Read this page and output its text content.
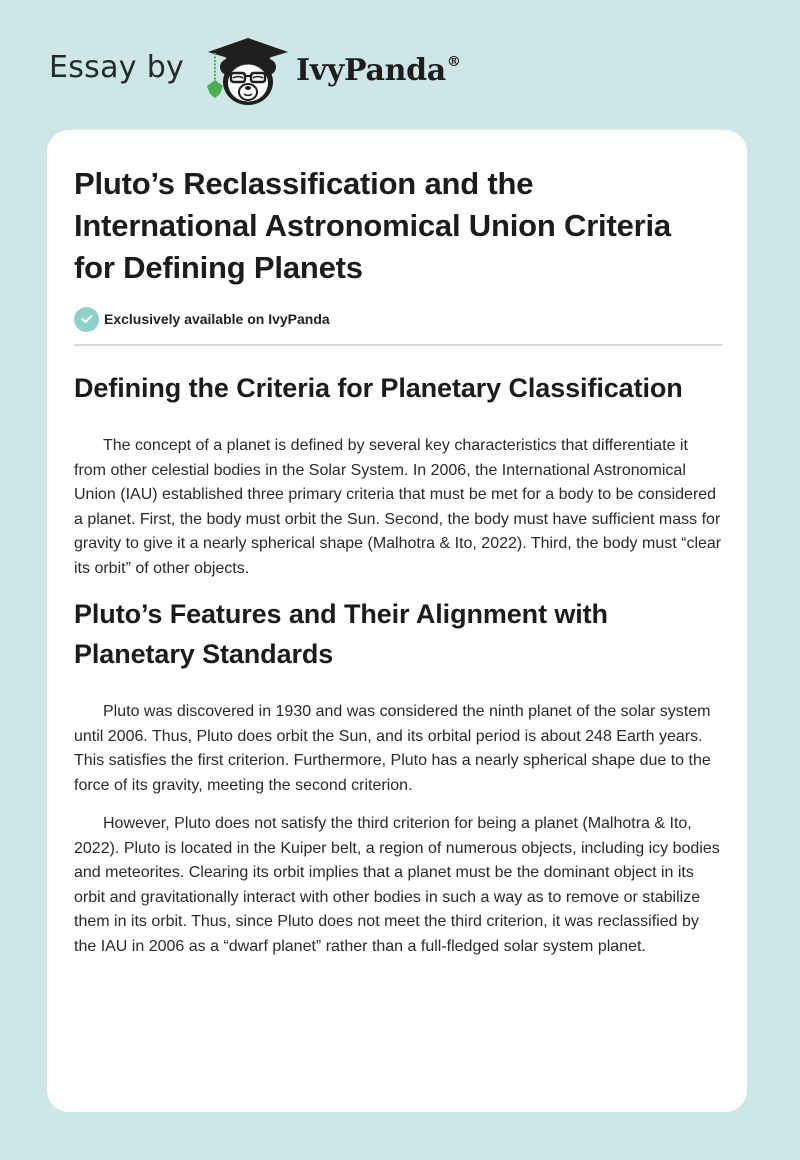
Essay by	IvyPanda®
Pluto’s Reclassification and the International Astronomical Union Criteria for Defining Planets
Exclusively available on IvyPanda
Defining the Criteria for Planetary Classification

The concept of a planet is defined by several key characteristics that differentiate it from other celestial bodies in the Solar System. In 2006, the International Astronomical Union (IAU) established three primary criteria that must be met for a body to be considered a planet. First, the body must orbit the Sun. Second, the body must have sufficient mass for gravity to give it a nearly spherical shape (Malhotra & Ito, 2022). Third, the body must “clear its orbit” of other objects.

Pluto’s Features and Their Alignment with Planetary Standards

Pluto was discovered in 1930 and was considered the ninth planet of the solar system until 2006. Thus, Pluto does orbit the Sun, and its orbital period is about 248 Earth years. This satisfies the first criterion. Furthermore, Pluto has a nearly spherical shape due to the force of its gravity, meeting the second criterion.

However, Pluto does not satisfy the third criterion for being a planet (Malhotra & Ito, 2022). Pluto is located in the Kuiper belt, a region of numerous objects, including icy bodies and meteorites. Clearing its orbit implies that a planet must be the dominant object in its orbit and gravitationally interact with other bodies in such a way as to remove or stabilize them in its orbit. Thus, since Pluto does not meet the third criterion, it was reclassified by the IAU in 2006 as a “dwarf planet” rather than a full-fledged solar system planet.
